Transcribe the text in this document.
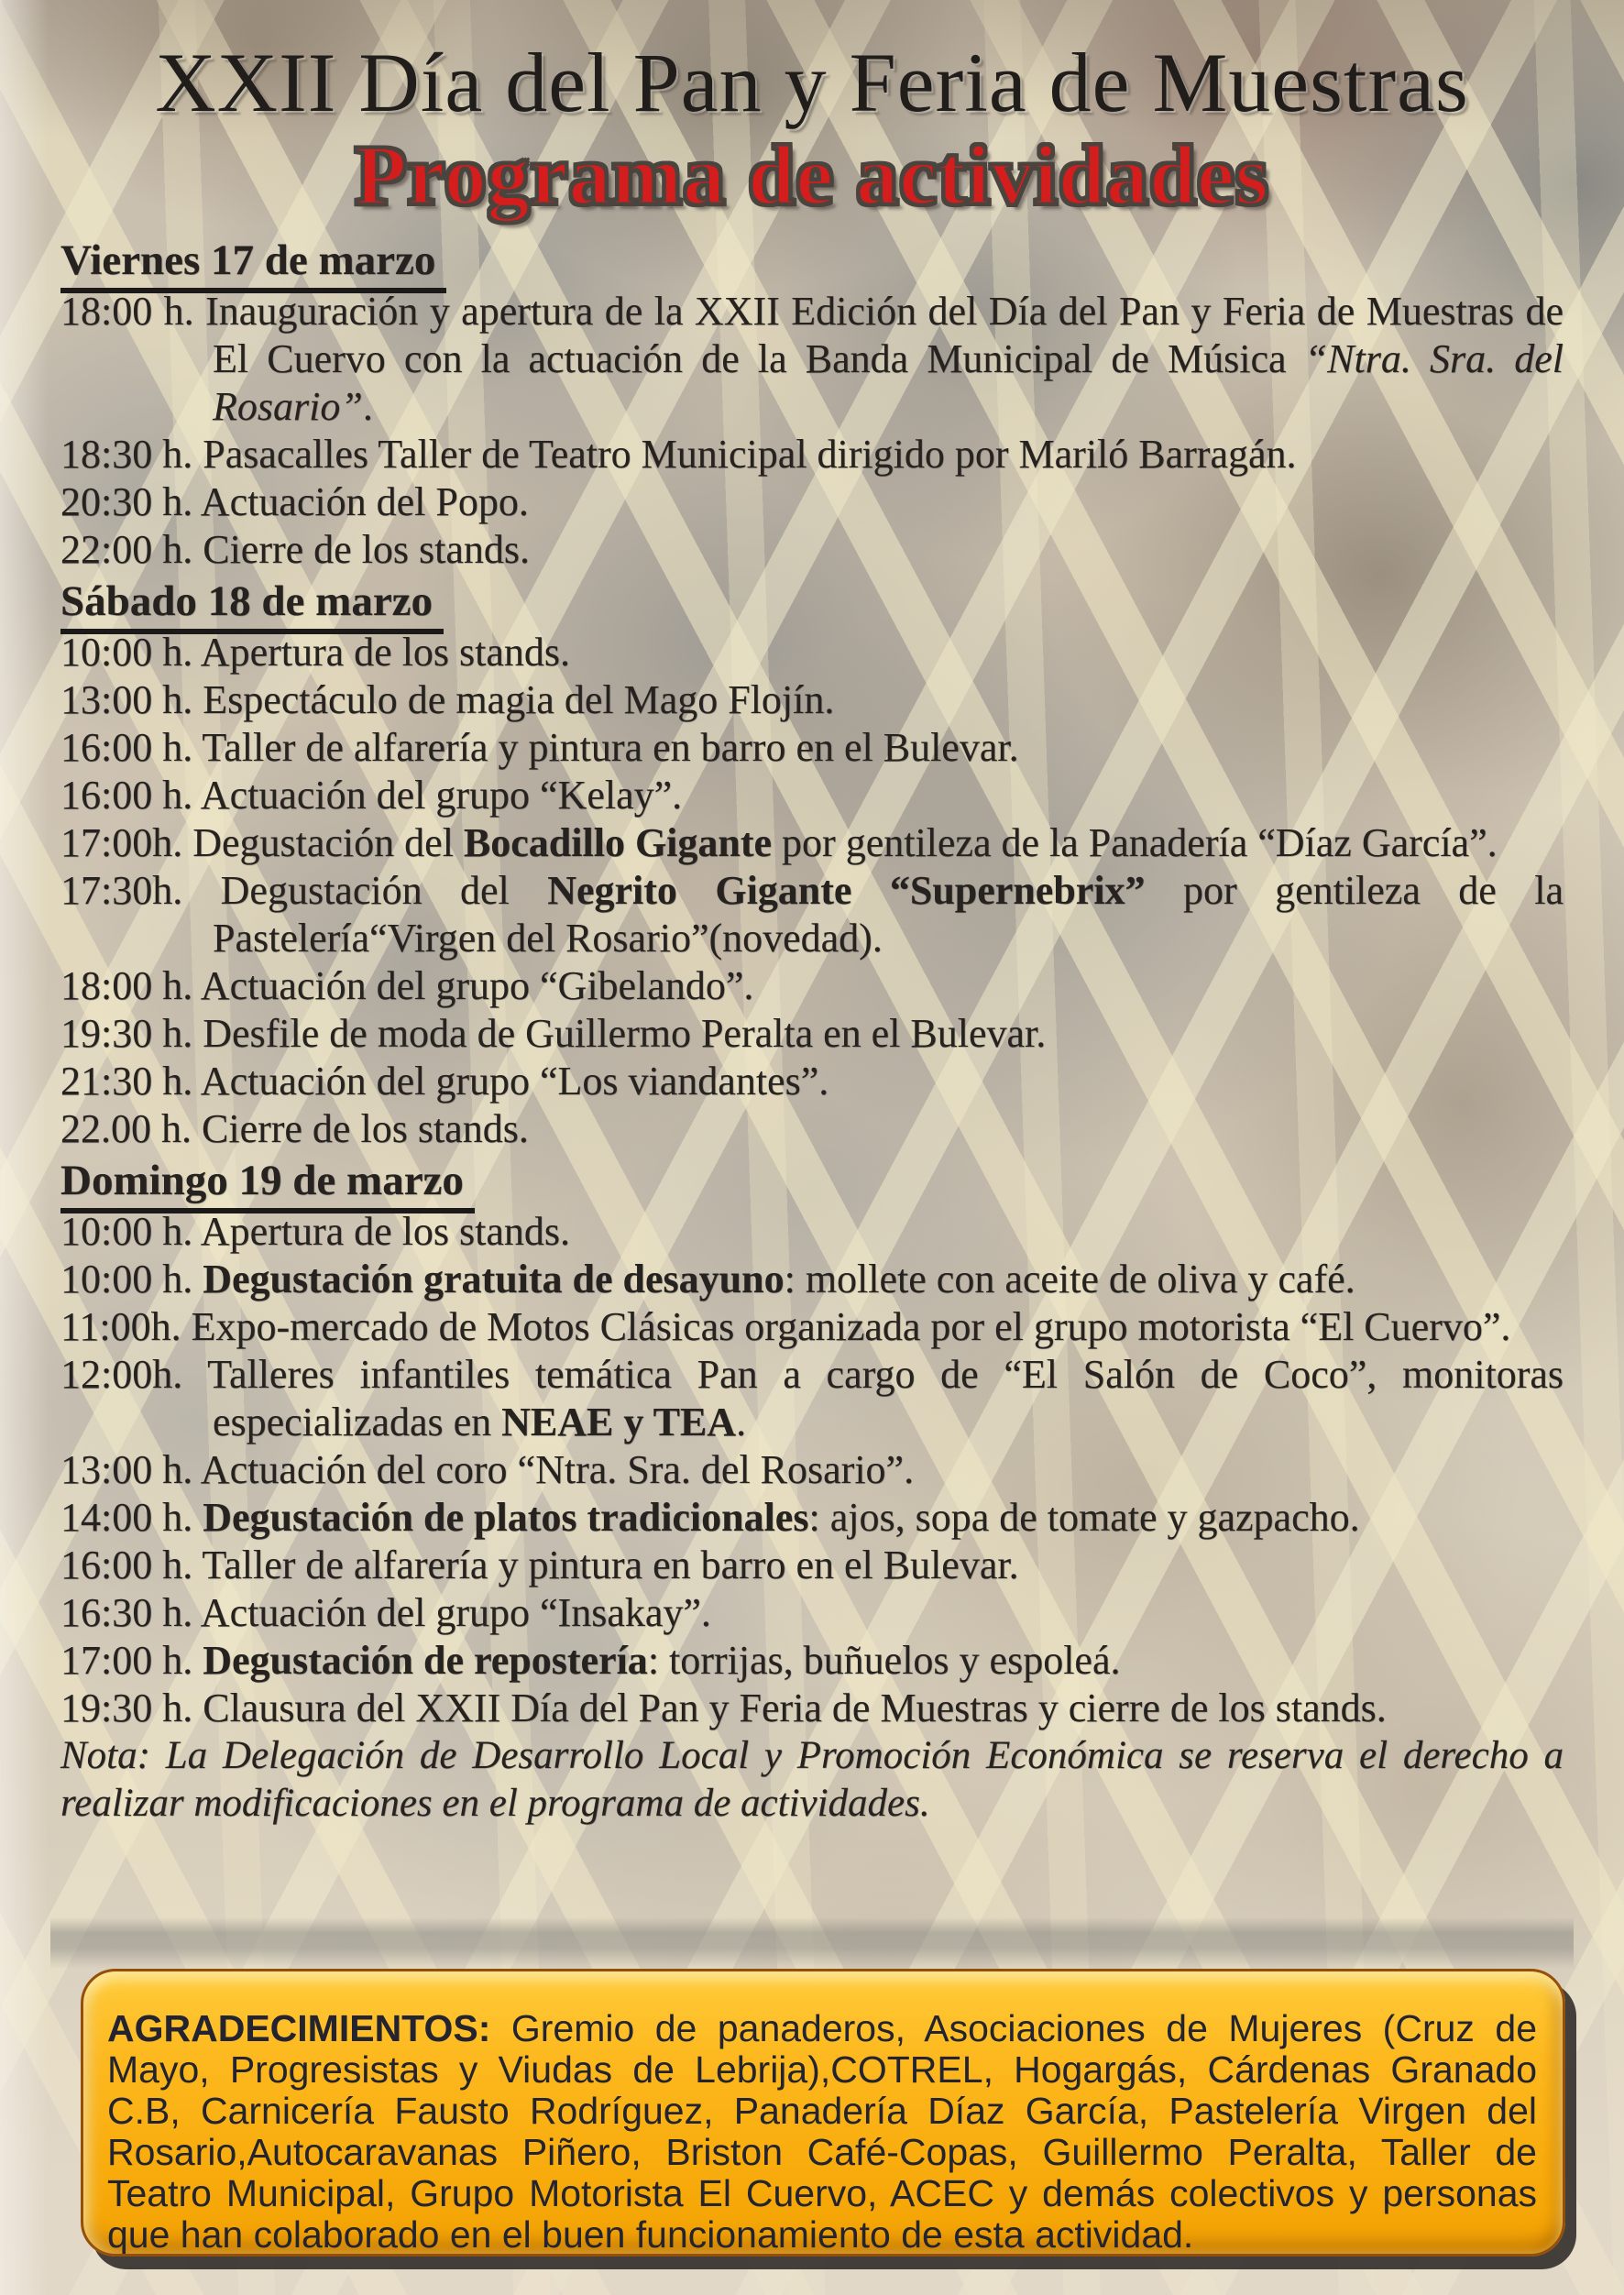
XXII Día del Pan y Feria de Muestras
Programa de actividades
Viernes 17 de marzo
18:00 h. Inauguración y apertura de la XXII Edición del Día del Pan y Feria de Muestras de El Cuervo con la actuación de la Banda Municipal de Música “Ntra. Sra. del Rosario”.
18:30 h. Pasacalles Taller de Teatro Municipal dirigido por Mariló Barragán.
20:30 h. Actuación del Popo.
22:00 h. Cierre de los stands.
Sábado 18 de marzo
10:00 h. Apertura de los stands.
13:00 h. Espectáculo de magia del Mago Flojín.
16:00 h. Taller de alfarería y pintura en barro en el Bulevar.
16:00 h. Actuación del grupo “Kelay”.
17:00h. Degustación del Bocadillo Gigante por gentileza de la Panadería “Díaz García”.
17:30h. Degustación del Negrito Gigante “Supernebrix” por gentileza de la Pastelería“Virgen del Rosario”(novedad).
18:00 h. Actuación del grupo “Gibelando”.
19:30 h. Desfile de moda de Guillermo Peralta en el Bulevar.
21:30 h. Actuación del grupo “Los viandantes”.
22.00 h. Cierre de los stands.
Domingo 19 de marzo
10:00 h. Apertura de los stands.
10:00 h. Degustación gratuita de desayuno: mollete con aceite de oliva y café.
11:00h. Expo-mercado de Motos Clásicas organizada por el grupo motorista “El Cuervo”.
12:00h. Talleres infantiles temática Pan a cargo de “El Salón de Coco”, monitoras especializadas en NEAE y TEA.
13:00 h. Actuación del coro “Ntra. Sra. del Rosario”.
14:00 h. Degustación de platos tradicionales: ajos, sopa de tomate y gazpacho.
16:00 h. Taller de alfarería y pintura en barro en el Bulevar.
16:30 h. Actuación del grupo “Insakay”.
17:00 h. Degustación de repostería: torrijas, buñuelos y espoleá.
19:30 h. Clausura del XXII Día del Pan y Feria de Muestras y cierre de los stands.

Nota: La Delegación de Desarrollo Local y Promoción Económica se reserva el derecho a realizar modificaciones en el programa de actividades.

AGRADECIMIENTOS: Gremio de panaderos, Asociaciones de Mujeres (Cruz de Mayo, Progresistas y Viudas de Lebrija),COTREL, Hogargás, Cárdenas Granado C.B, Carnicería Fausto Rodríguez, Panadería Díaz García, Pastelería Virgen del Rosario,Autocaravanas Piñero, Briston Café-Copas, Guillermo Peralta, Taller de Teatro Municipal, Grupo Motorista El Cuervo, ACEC y demás colectivos y personas que han colaborado en el buen funcionamiento de esta actividad.
